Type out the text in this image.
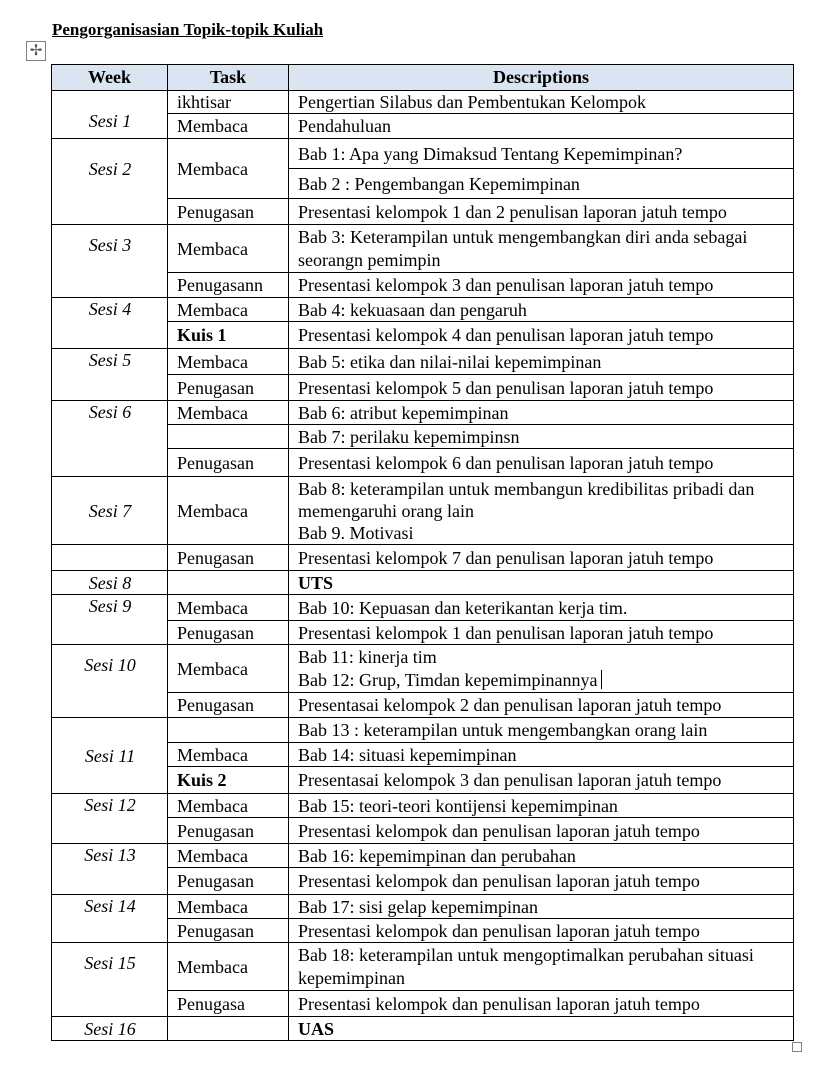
Pengorganisasian Topik-topik Kuliah
✢
Week	Task	Descriptions
Sesi 1	ikhtisar	Pengertian Silabus dan Pembentukan Kelompok
	Membaca	Pendahuluan
Sesi 2	Membaca	Bab 1: Apa yang Dimaksud Tentang Kepemimpinan?
		Bab 2 : Pengembangan Kepemimpinan
	Penugasan	Presentasi kelompok 1 dan 2 penulisan laporan jatuh tempo
Sesi 3	Membaca	Bab 3: Keterampilan untuk mengembangkan diri anda sebagai seorangn pemimpin
	Penugasann	Presentasi kelompok 3 dan penulisan laporan jatuh tempo
Sesi 4	Membaca	Bab 4: kekuasaan dan pengaruh
	Kuis 1	Presentasi kelompok 4 dan penulisan laporan jatuh tempo
Sesi 5	Membaca	Bab 5: etika dan nilai-nilai kepemimpinan
	Penugasan	Presentasi kelompok 5 dan penulisan laporan jatuh tempo
Sesi 6	Membaca	Bab 6: atribut kepemimpinan
		Bab 7: perilaku kepemimpinsn
	Penugasan	Presentasi kelompok 6 dan penulisan laporan jatuh tempo
Sesi 7	Membaca	Bab 8: keterampilan untuk membangun kredibilitas pribadi dan memengaruhi orang lain
Bab 9. Motivasi

	Penugasan	Presentasi kelompok 7 dan penulisan laporan jatuh tempo
Sesi 8		UTS
Sesi 9	Membaca	Bab 10: Kepuasan dan keterikantan kerja tim.
	Penugasan	Presentasi kelompok 1 dan penulisan laporan jatuh tempo
Sesi 10	Membaca	Bab 11: kinerja tim
Bab 12: Grup, Timdan kepemimpinannya

	Penugasan	Presentasai kelompok 2 dan penulisan laporan jatuh tempo
Sesi 11		Bab 13 : keterampilan untuk mengembangkan orang lain
	Membaca	Bab 14: situasi kepemimpinan
	Kuis 2	Presentasai kelompok 3 dan penulisan laporan jatuh tempo
Sesi 12	Membaca	Bab 15: teori-teori kontijensi kepemimpinan
	Penugasan	Presentasi kelompok dan penulisan laporan jatuh tempo
Sesi 13	Membaca	Bab 16: kepemimpinan dan perubahan
	Penugasan	Presentasi kelompok dan penulisan laporan jatuh tempo
Sesi 14	Membaca	Bab 17: sisi gelap kepemimpinan
	Penugasan	Presentasi kelompok dan penulisan laporan jatuh tempo
Sesi 15	Membaca	Bab 18: keterampilan untuk mengoptimalkan perubahan situasi kepemimpinan
	Penugasa	Presentasi kelompok dan penulisan laporan jatuh tempo
Sesi 16		UAS
